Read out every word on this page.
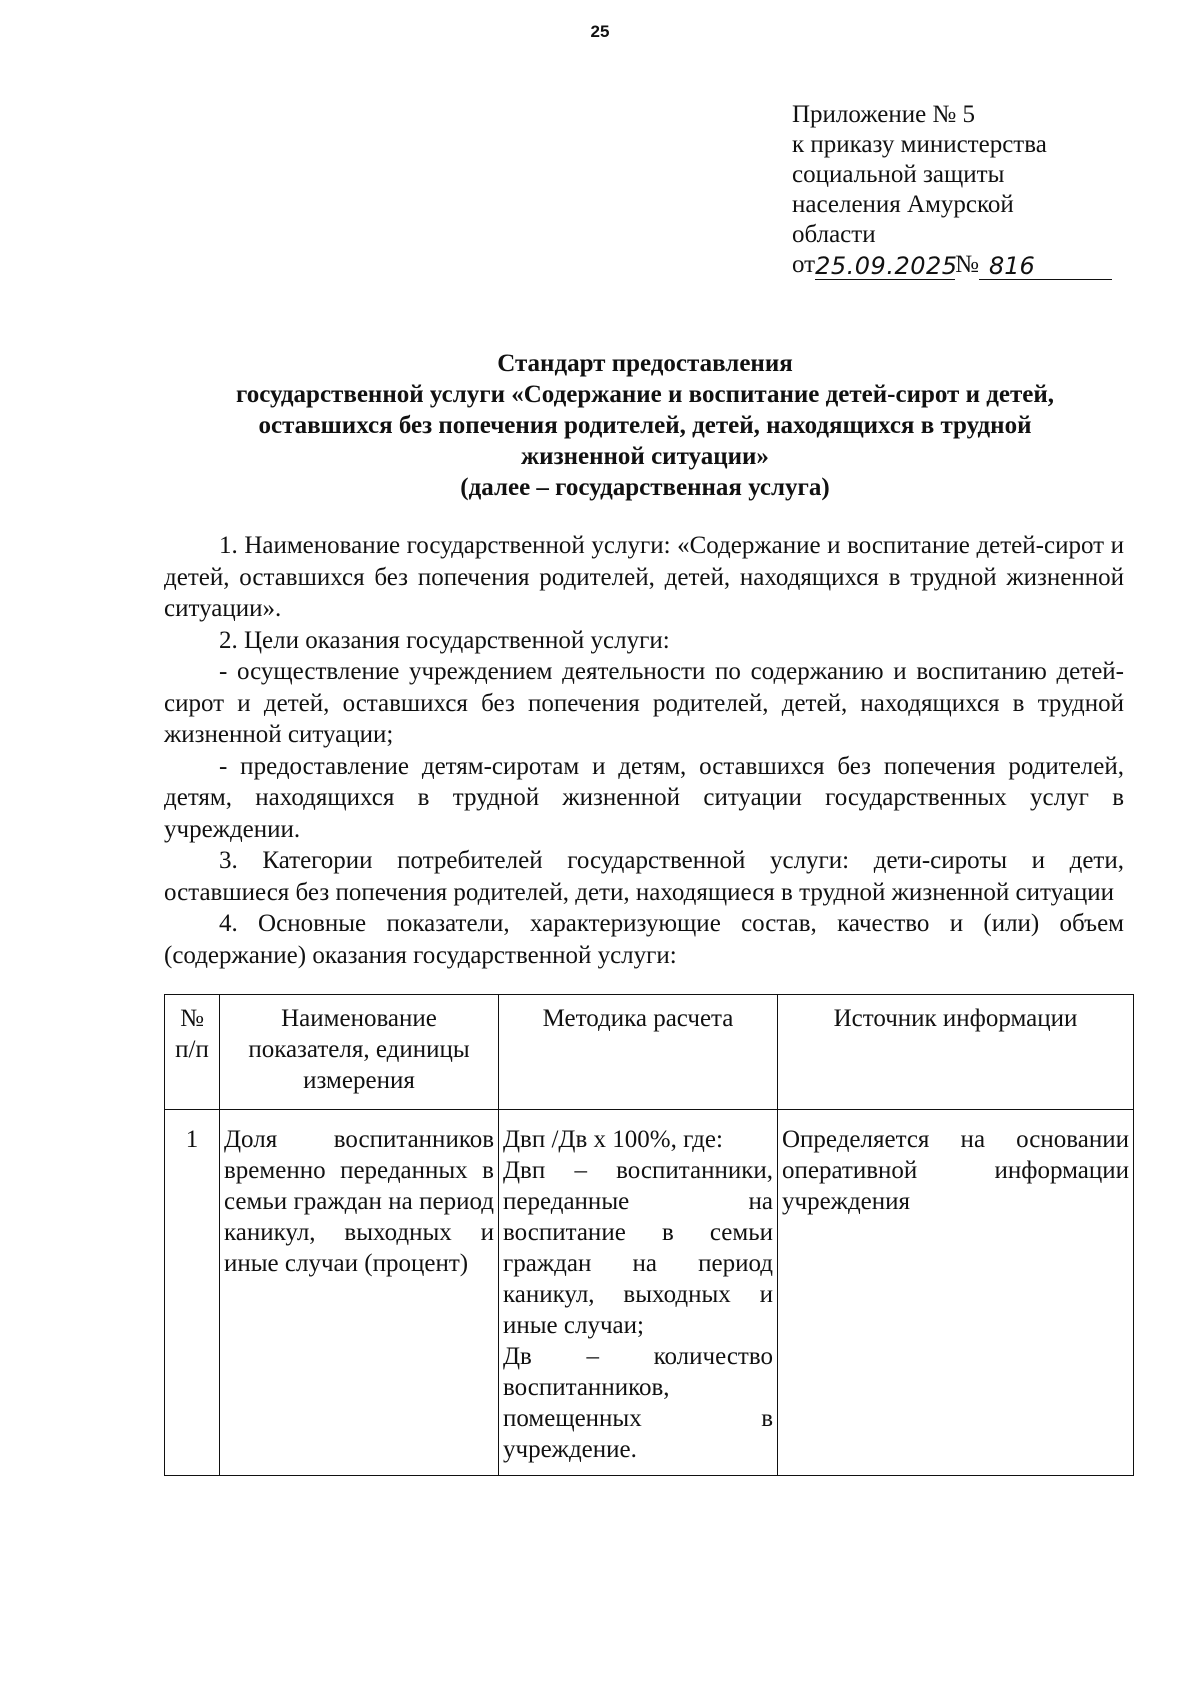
25
Приложение № 5
к приказу министерства
социальной защиты
населения Амурской
области
от 25.09.2025
№ 816
Стандарт предоставления
государственной услуги «Содержание и воспитание детей-сирот и детей,
оставшихся без попечения родителей, детей, находящихся в трудной
жизненной ситуации»
(далее – государственная услуга)

1. Наименование государственной услуги: «Содержание и воспитание детей-сирот и детей, оставшихся без попечения родителей, детей, находящихся в трудной жизненной ситуации».

2. Цели оказания государственной услуги:

- осуществление учреждением деятельности по содержанию и воспитанию детей-сирот и детей, оставшихся без попечения родителей, детей, находящихся в трудной жизненной ситуации;

- предоставление детям-сиротам и детям, оставшихся без попечения родителей, детям, находящихся в трудной жизненной ситуации государственных услуг в учреждении.

3. Категории потребителей государственной услуги: дети-сироты и дети, оставшиеся без попечения родителей, дети, находящиеся в трудной жизненной ситуации

4. Основные показатели, характеризующие состав, качество и (или) объем (содержание) оказания государственной услуги:

№ п/п	Наименование показателя, единицы измерения	Методика расчета	Источник информации
1	Доля воспитанников временно переданных в семьи граждан на период каникул, выходных и иные случаи (процент)	Двп /Дв х 100%, где:
Двп – воспитанники, переданные на воспитание в семьи граждан на период каникул, выходных и иные случаи;
Дв – количество воспитанников, помещенных в учреждение.	Определяется на основании оперативной информации учреждения
